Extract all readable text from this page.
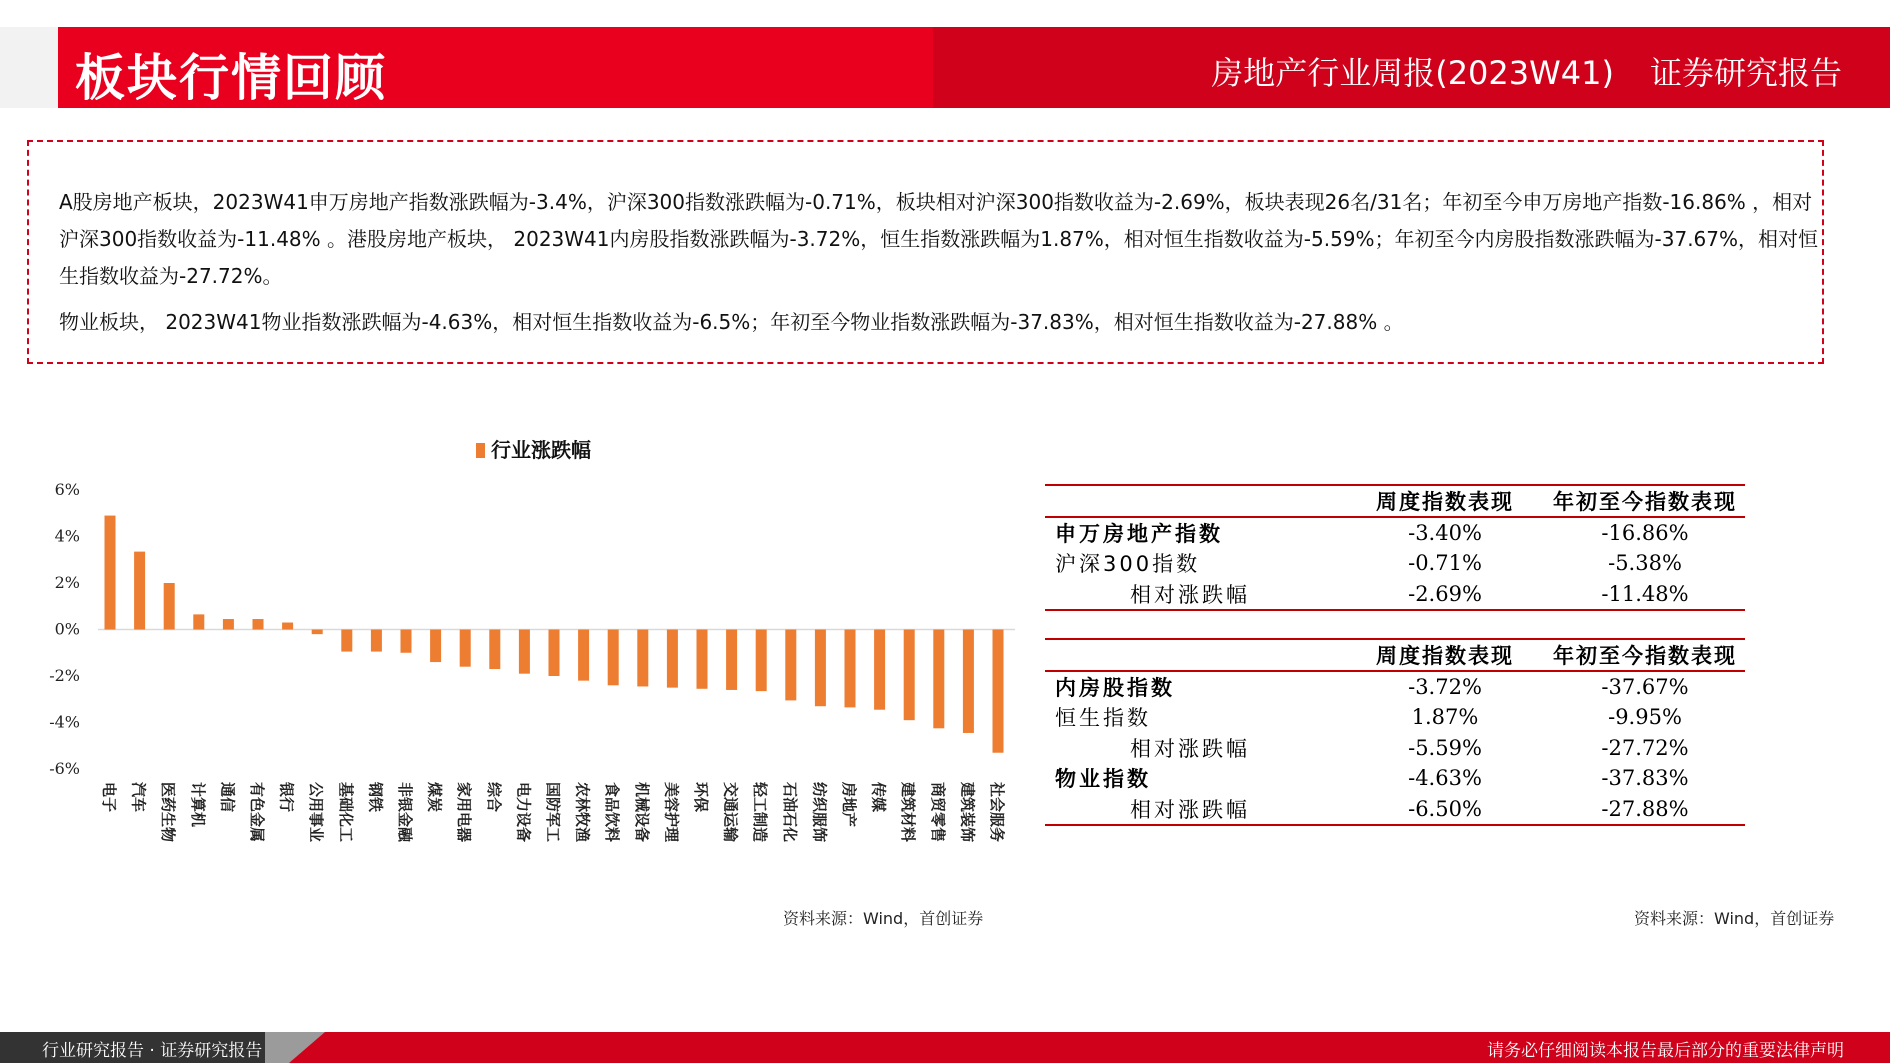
板块行情回顾	房地产行业周报(2023W41) 证券研究报告

A股房地产板块，2023W41申万房地产指数涨跌幅为-3.4%，沪深300指数涨跌幅为-0.71%，板块相对沪深300指数收益为-2.69%，板块表现26名/31名；年初至今申万房地产指数-16.86% ，相对沪深300指数收益为-11.48% 。港股房地产板块， 2023W41内房股指数涨跌幅为-3.72%，恒生指数涨跌幅为1.87%，相对恒生指数收益为-5.59%；年初至今内房股指数涨跌幅为-37.67%，相对恒生指数收益为-27.72%。

物业板块， 2023W41物业指数涨跌幅为-4.63%，相对恒生指数收益为-6.5%；年初至今物业指数涨跌幅为-37.83%，相对恒生指数收益为-27.88% 。

行业涨跌幅
6%
4%
2%
0%
-2%
-4%
-6%
电子 汽车 医药生物 计算机 通信 有色金属 银行 公用事业 基础化工 钢铁 非银金融 煤炭 家用电器 综合 电力设备 国防军工 农林牧渔 食品饮料 机械设备 美容护理 环保 交通运输 轻工制造 石油石化 纺织服饰 房地产 传媒 建筑材料 商贸零售 建筑装饰 社会服务
资料来源：Wind，首创证券
	周度指数表现	年初至今指数表现
申万房地产指数	-3.40%	-16.86%
沪深300指数	-0.71%	-5.38%
相对涨跌幅	-2.69%	-11.48%
	周度指数表现	年初至今指数表现
内房股指数	-3.72%	-37.67%
恒生指数	1.87%	-9.95%
相对涨跌幅	-5.59%	-27.72%
物业指数	-4.63%	-37.83%
相对涨跌幅	-6.50%	-27.88%
资料来源：Wind，首创证券
行业研究报告 · 证券研究报告	请务必仔细阅读本报告最后部分的重要法律声明
